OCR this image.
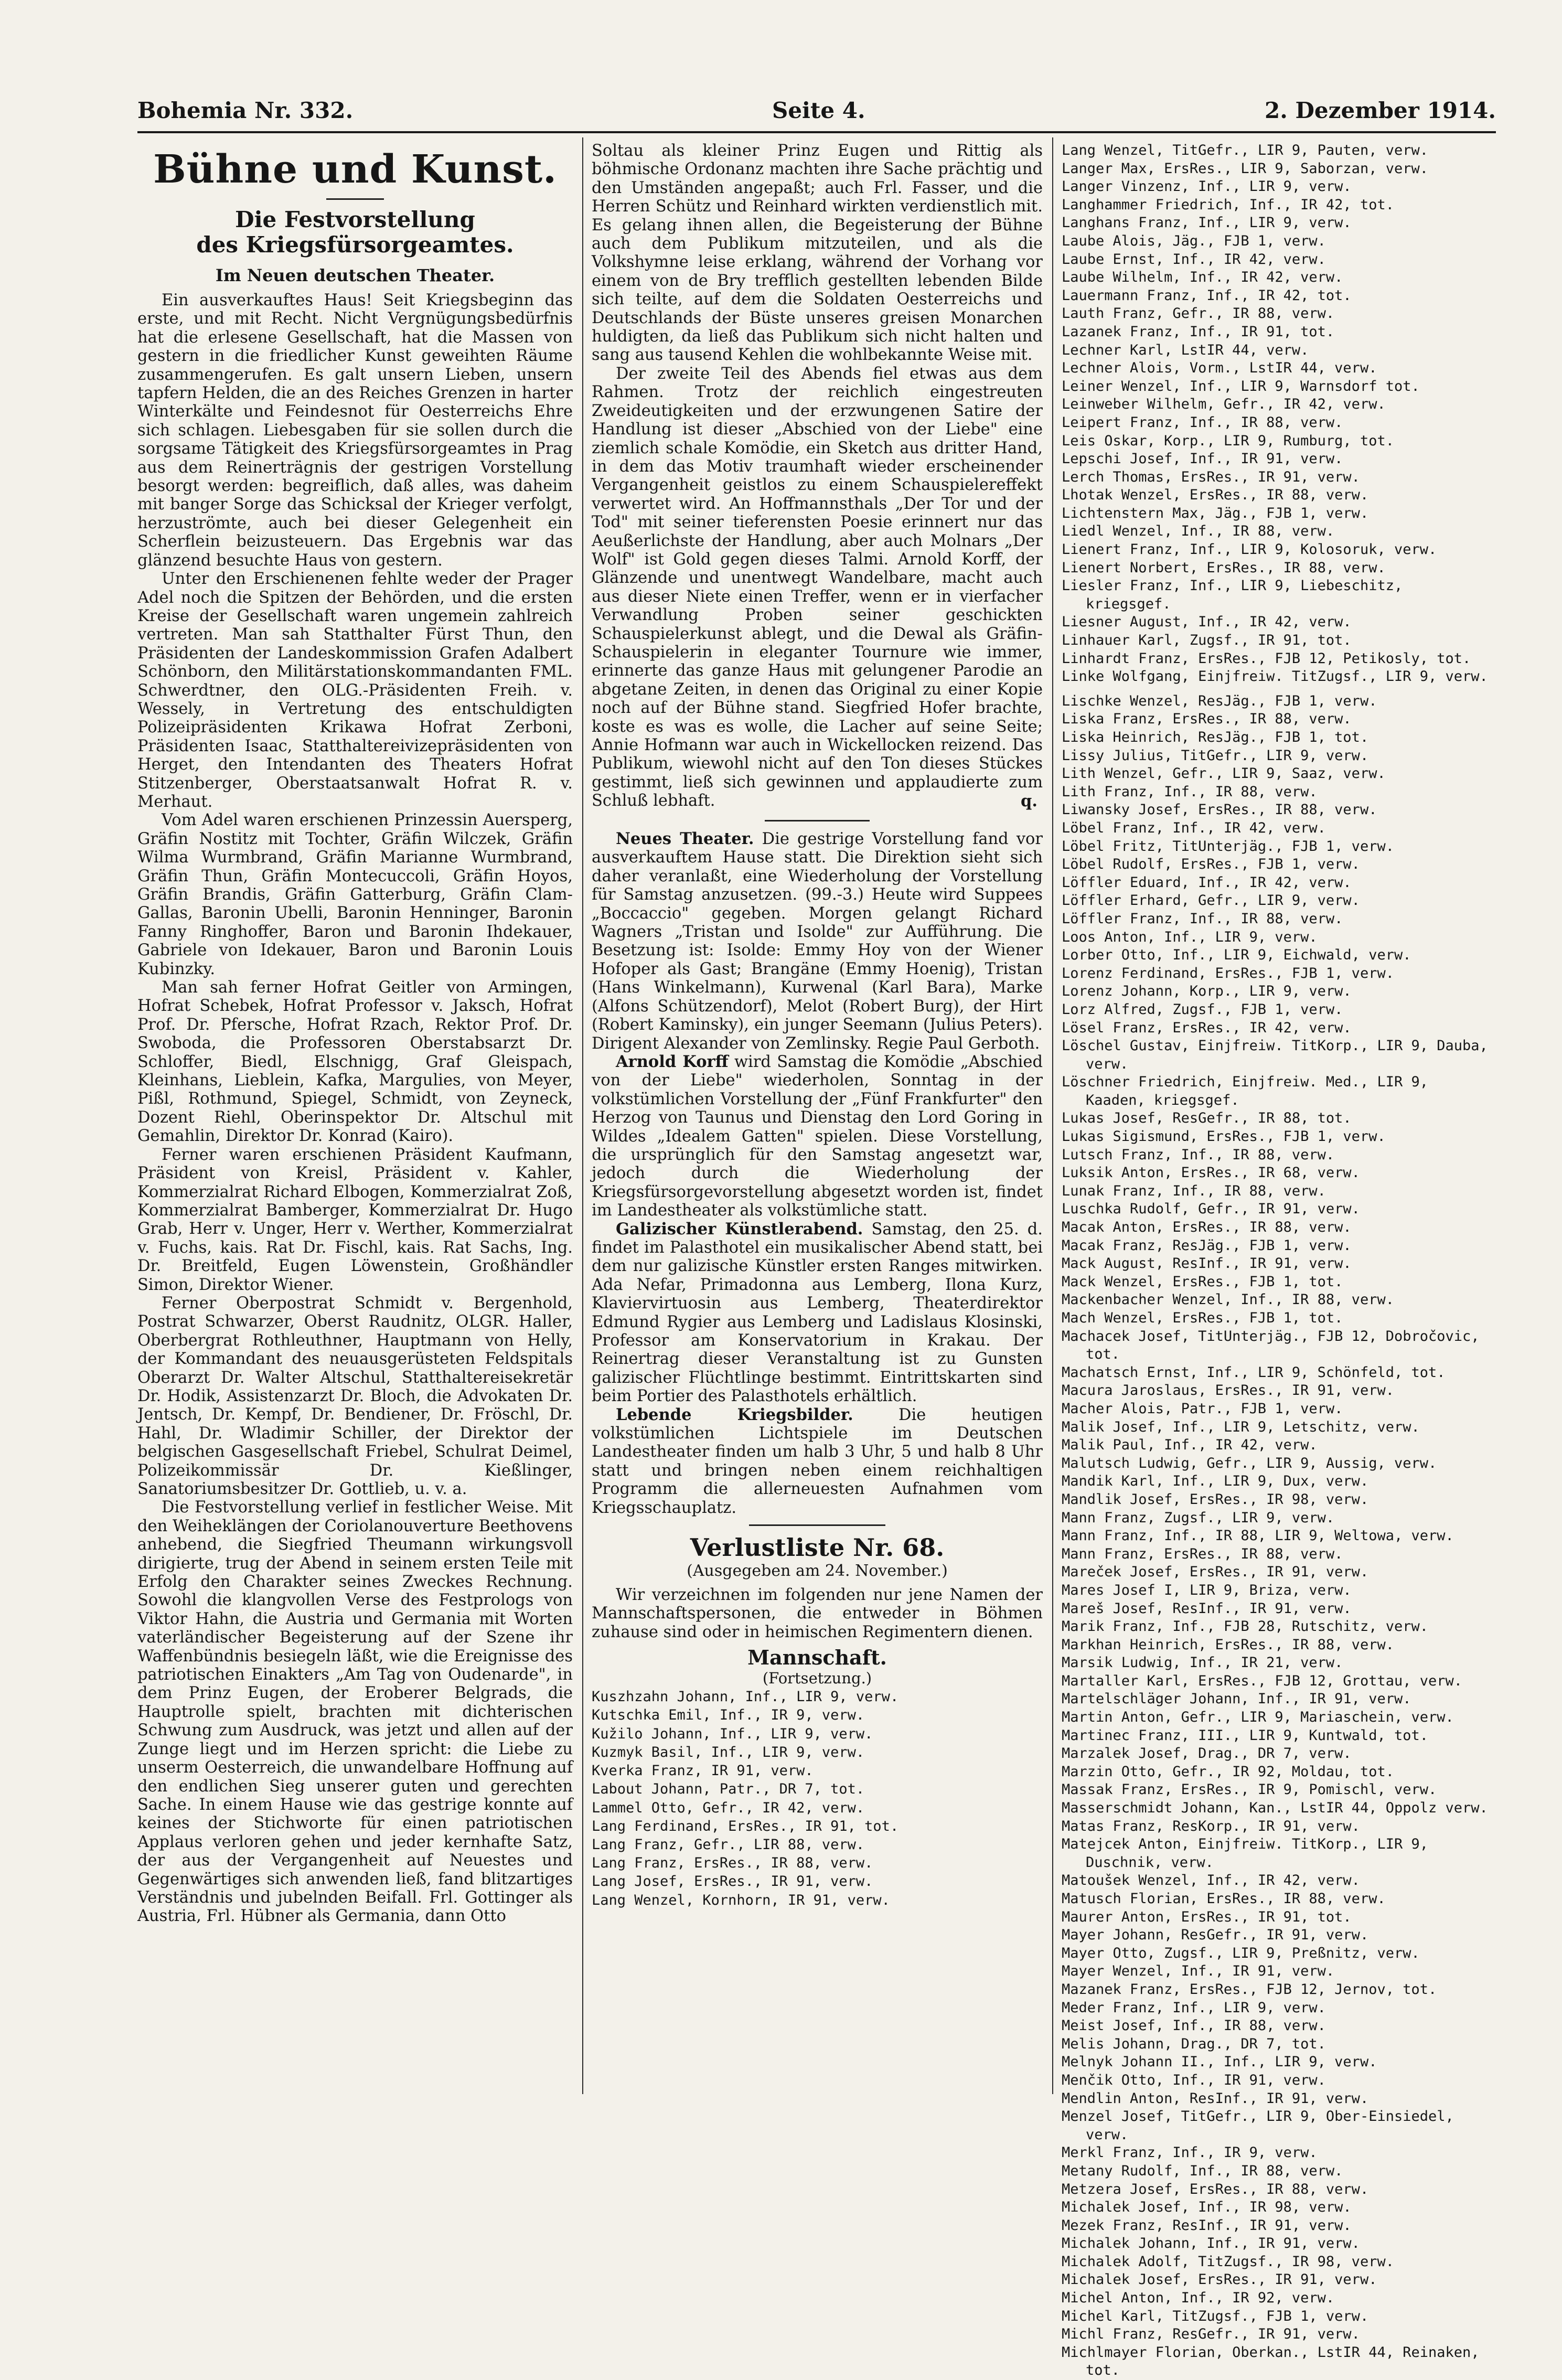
Bohemia Nr. 332.	Seite 4.	2. Dezember 1914.
Bühne und Kunst.
Die Festvorstellung
des Kriegsfürsorgeamtes.
Im Neuen deutschen Theater.

Ein ausverkauftes Haus! Seit Kriegsbeginn das erste, und mit Recht. Nicht Vergnügungsbedürfnis hat die erlesene Gesellschaft, hat die Massen von gestern in die friedlicher Kunst geweihten Räume zusammengerufen. Es galt unsern Lieben, unsern tapfern Helden, die an des Reiches Grenzen in harter Winterkälte und Feindesnot für Oesterreichs Ehre sich schlagen. Liebesgaben für sie sollen durch die sorgsame Tätigkeit des Kriegsfürsorgeamtes in Prag aus dem Reinerträgnis der gestrigen Vorstellung besorgt werden: begreiflich, daß alles, was daheim mit banger Sorge das Schicksal der Krieger verfolgt, herzuströmte, auch bei dieser Gelegenheit ein Scherflein beizusteuern. Das Ergebnis war das glänzend besuchte Haus von gestern.

Unter den Erschienenen fehlte weder der Prager Adel noch die Spitzen der Behörden, und die ersten Kreise der Gesellschaft waren ungemein zahlreich vertreten. Man sah Statthalter Fürst Thun, den Präsidenten der Landeskommission Grafen Adalbert Schönborn, den Militärstationskommandanten FML. Schwerdtner, den OLG.-Präsidenten Freih. v. Wessely, in Vertretung des entschuldigten Polizeipräsidenten Krikawa Hofrat Zerboni, Präsidenten Isaac, Statthaltereivizepräsidenten von Herget, den Intendanten des Theaters Hofrat Stitzenberger, Oberstaatsanwalt Hofrat R. v. Merhaut.

Vom Adel waren erschienen Prinzessin Auersperg, Gräfin Nostitz mit Tochter, Gräfin Wilczek, Gräfin Wilma Wurmbrand, Gräfin Marianne Wurmbrand, Gräfin Thun, Gräfin Montecuccoli, Gräfin Hoyos, Gräfin Brandis, Gräfin Gatterburg, Gräfin Clam-Gallas, Baronin Ubelli, Baronin Henninger, Baronin Fanny Ringhoffer, Baron und Baronin Ihdekauer, Gabriele von Idekauer, Baron und Baronin Louis Kubinzky.

Man sah ferner Hofrat Geitler von Armingen, Hofrat Schebek, Hofrat Professor v. Jaksch, Hofrat Prof. Dr. Pfersche, Hofrat Rzach, Rektor Prof. Dr. Swoboda, die Professoren Oberstabsarzt Dr. Schloffer, Biedl, Elschnigg, Graf Gleispach, Kleinhans, Lieblein, Kafka, Margulies, von Meyer, Pißl, Rothmund, Spiegel, Schmidt, von Zeyneck, Dozent Riehl, Oberinspektor Dr. Altschul mit Gemahlin, Direktor Dr. Konrad (Kairo).

Ferner waren erschienen Präsident Kaufmann, Präsident von Kreisl, Präsident v. Kahler, Kommerzialrat Richard Elbogen, Kommerzialrat Zoß, Kommerzialrat Bamberger, Kommerzialrat Dr. Hugo Grab, Herr v. Unger, Herr v. Werther, Kommerzialrat v. Fuchs, kais. Rat Dr. Fischl, kais. Rat Sachs, Ing. Dr. Breitfeld, Eugen Löwenstein, Großhändler Simon, Direktor Wiener.

Ferner Oberpostrat Schmidt v. Bergenhold, Postrat Schwarzer, Oberst Raudnitz, OLGR. Haller, Oberbergrat Rothleuthner, Hauptmann von Helly, der Kommandant des neuausgerüsteten Feldspitals Oberarzt Dr. Walter Altschul, Statthaltereisekretär Dr. Hodik, Assistenzarzt Dr. Bloch, die Advokaten Dr. Jentsch, Dr. Kempf, Dr. Bendiener, Dr. Fröschl, Dr. Hahl, Dr. Wladimir Schiller, der Direktor der belgischen Gasgesellschaft Friebel, Schulrat Deimel, Polizeikommissär Dr. Kießlinger, Sanatoriumsbesitzer Dr. Gottlieb, u. v. a.

Die Festvorstellung verlief in festlicher Weise. Mit den Weiheklängen der Coriolanouverture Beethovens anhebend, die Siegfried Theumann wirkungsvoll dirigierte, trug der Abend in seinem ersten Teile mit Erfolg den Charakter seines Zweckes Rechnung. Sowohl die klangvollen Verse des Festprologs von Viktor Hahn, die Austria und Germania mit Worten vaterländischer Begeisterung auf der Szene ihr Waffenbündnis besiegeln läßt, wie die Ereignisse des patriotischen Einakters „Am Tag von Oudenarde", in dem Prinz Eugen, der Eroberer Belgrads, die Hauptrolle spielt, brachten mit dichterischen Schwung zum Ausdruck, was jetzt und allen auf der Zunge liegt und im Herzen spricht: die Liebe zu unserm Oesterreich, die unwandelbare Hoffnung auf den endlichen Sieg unserer guten und gerechten Sache. In einem Hause wie das gestrige konnte auf keines der Stichworte für einen patriotischen Applaus verloren gehen und jeder kernhafte Satz, der aus der Vergangenheit auf Neuestes und Gegenwärtiges sich anwenden ließ, fand blitzartiges Verständnis und jubelnden Beifall. Frl. Gottinger als Austria, Frl. Hübner als Germania, dann Otto

Soltau als kleiner Prinz Eugen und Rittig als böhmische Ordonanz machten ihre Sache prächtig und den Umständen angepaßt; auch Frl. Fasser, und die Herren Schütz und Reinhard wirkten verdienstlich mit. Es gelang ihnen allen, die Begeisterung der Bühne auch dem Publikum mitzuteilen, und als die Volkshymne leise erklang, während der Vorhang vor einem von de Bry trefflich gestellten lebenden Bilde sich teilte, auf dem die Soldaten Oesterreichs und Deutschlands der Büste unseres greisen Monarchen huldigten, da ließ das Publikum sich nicht halten und sang aus tausend Kehlen die wohlbekannte Weise mit.

Der zweite Teil des Abends fiel etwas aus dem Rahmen. Trotz der reichlich eingestreuten Zweideutigkeiten und der erzwungenen Satire der Handlung ist dieser „Abschied von der Liebe" eine ziemlich schale Komödie, ein Sketch aus dritter Hand, in dem das Motiv traumhaft wieder erscheinender Vergangenheit geistlos zu einem Schauspielereffekt verwertet wird. An Hoffmannsthals „Der Tor und der Tod" mit seiner tieferensten Poesie erinnert nur das Aeußerlichste der Handlung, aber auch Molnars „Der Wolf" ist Gold gegen dieses Talmi. Arnold Korff, der Glänzende und unentwegt Wandelbare, macht auch aus dieser Niete einen Treffer, wenn er in vierfacher Verwandlung Proben seiner geschickten Schauspielerkunst ablegt, und die Dewal als Gräfin-Schauspielerin in eleganter Tournure wie immer, erinnerte das ganze Haus mit gelungener Parodie an abgetane Zeiten, in denen das Original zu einer Kopie noch auf der Bühne stand. Siegfried Hofer brachte, koste es was es wolle, die Lacher auf seine Seite; Annie Hofmann war auch in Wickellocken reizend. Das Publikum, wiewohl nicht auf den Ton dieses Stückes gestimmt, ließ sich gewinnen und applaudierte zum Schluß lebhaft.	q.

Neues Theater. Die gestrige Vorstellung fand vor ausverkauftem Hause statt. Die Direktion sieht sich daher veranlaßt, eine Wiederholung der Vorstellung für Samstag anzusetzen. (99.-3.) Heute wird Suppees „Boccaccio" gegeben. Morgen gelangt Richard Wagners „Tristan und Isolde" zur Aufführung. Die Besetzung ist: Isolde: Emmy Hoy von der Wiener Hofoper als Gast; Brangäne (Emmy Hoenig), Tristan (Hans Winkelmann), Kurwenal (Karl Bara), Marke (Alfons Schützendorf), Melot (Robert Burg), der Hirt (Robert Kaminsky), ein junger Seemann (Julius Peters). Dirigent Alexander von Zemlinsky. Regie Paul Gerboth.

Arnold Korff wird Samstag die Komödie „Abschied von der Liebe" wiederholen, Sonntag in der volkstümlichen Vorstellung der „Fünf Frankfurter" den Herzog von Taunus und Dienstag den Lord Goring in Wildes „Idealem Gatten" spielen. Diese Vorstellung, die ursprünglich für den Samstag angesetzt war, jedoch durch die Wiederholung der Kriegsfürsorgevorstellung abgesetzt worden ist, findet im Landestheater als volkstümliche statt.

Galizischer Künstlerabend. Samstag, den 25. d. findet im Palasthotel ein musikalischer Abend statt, bei dem nur galizische Künstler ersten Ranges mitwirken. Ada Nefar, Primadonna aus Lemberg, Ilona Kurz, Klaviervirtuosin aus Lemberg, Theaterdirektor Edmund Rygier aus Lemberg und Ladislaus Klosinski, Professor am Konservatorium in Krakau. Der Reinertrag dieser Veranstaltung ist zu Gunsten galizischer Flüchtlinge bestimmt. Eintrittskarten sind beim Portier des Palasthotels erhältlich.

Lebende Kriegsbilder. Die heutigen volkstümlichen Lichtspiele im Deutschen Landestheater finden um halb 3 Uhr, 5 und halb 8 Uhr statt und bringen neben einem reichhaltigen Programm die allerneuesten Aufnahmen vom Kriegsschauplatz.

Verlustliste Nr. 68.
(Ausgegeben am 24. November.)

Wir verzeichnen im folgenden nur jene Namen der Mannschaftspersonen, die entweder in Böhmen zuhause sind oder in heimischen Regimentern dienen.

Mannschaft.
(Fortsetzung.)
Kuszhzahn Johann, Inf., LIR 9, verw.
Kutschka Emil, Inf., IR 9, verw.
Kužilo Johann, Inf., LIR 9, verw.
Kuzmyk Basil, Inf., LIR 9, verw.
Kverka Franz, IR 91, verw.
Labout Johann, Patr., DR 7, tot.
Lammel Otto, Gefr., IR 42, verw.
Lang Ferdinand, ErsRes., IR 91, tot.
Lang Franz, Gefr., LIR 88, verw.
Lang Franz, ErsRes., IR 88, verw.
Lang Josef, ErsRes., IR 91, verw.
Lang Wenzel, Kornhorn, IR 91, verw.
Lang Wenzel, TitGefr., LIR 9, Pauten, verw.
Langer Max, ErsRes., LIR 9, Saborzan, verw.
Langer Vinzenz, Inf., LIR 9, verw.
Langhammer Friedrich, Inf., IR 42, tot.
Langhans Franz, Inf., LIR 9, verw.
Laube Alois, Jäg., FJB 1, verw.
Laube Ernst, Inf., IR 42, verw.
Laube Wilhelm, Inf., IR 42, verw.
Lauermann Franz, Inf., IR 42, tot.
Lauth Franz, Gefr., IR 88, verw.
Lazanek Franz, Inf., IR 91, tot.
Lechner Karl, LstIR 44, verw.
Lechner Alois, Vorm., LstIR 44, verw.
Leiner Wenzel, Inf., LIR 9, Warnsdorf tot.
Leinweber Wilhelm, Gefr., IR 42, verw.
Leipert Franz, Inf., IR 88, verw.
Leis Oskar, Korp., LIR 9, Rumburg, tot.
Lepschi Josef, Inf., IR 91, verw.
Lerch Thomas, ErsRes., IR 91, verw.
Lhotak Wenzel, ErsRes., IR 88, verw.
Lichtenstern Max, Jäg., FJB 1, verw.
Liedl Wenzel, Inf., IR 88, verw.
Lienert Franz, Inf., LIR 9, Kolosoruk, verw.
Lienert Norbert, ErsRes., IR 88, verw.
Liesler Franz, Inf., LIR 9, Liebeschitz, kriegsgef.
Liesner August, Inf., IR 42, verw.
Linhauer Karl, Zugsf., IR 91, tot.
Linhardt Franz, ErsRes., FJB 12, Petikosly, tot.
Linke Wolfgang, Einjfreiw. TitZugsf., LIR 9, verw.
Lischke Wenzel, ResJäg., FJB 1, verw.
Liska Franz, ErsRes., IR 88, verw.
Liska Heinrich, ResJäg., FJB 1, tot.
Lissy Julius, TitGefr., LIR 9, verw.
Lith Wenzel, Gefr., LIR 9, Saaz, verw.
Lith Franz, Inf., IR 88, verw.
Liwansky Josef, ErsRes., IR 88, verw.
Löbel Franz, Inf., IR 42, verw.
Löbel Fritz, TitUnterjäg., FJB 1, verw.
Löbel Rudolf, ErsRes., FJB 1, verw.
Löffler Eduard, Inf., IR 42, verw.
Löffler Erhard, Gefr., LIR 9, verw.
Löffler Franz, Inf., IR 88, verw.
Loos Anton, Inf., LIR 9, verw.
Lorber Otto, Inf., LIR 9, Eichwald, verw.
Lorenz Ferdinand, ErsRes., FJB 1, verw.
Lorenz Johann, Korp., LIR 9, verw.
Lorz Alfred, Zugsf., FJB 1, verw.
Lösel Franz, ErsRes., IR 42, verw.
Löschel Gustav, Einjfreiw. TitKorp., LIR 9, Dauba, verw.
Löschner Friedrich, Einjfreiw. Med., LIR 9, Kaaden, kriegsgef.
Lukas Josef, ResGefr., IR 88, tot.
Lukas Sigismund, ErsRes., FJB 1, verw.
Lutsch Franz, Inf., IR 88, verw.
Luksik Anton, ErsRes., IR 68, verw.
Lunak Franz, Inf., IR 88, verw.
Luschka Rudolf, Gefr., IR 91, verw.
Macak Anton, ErsRes., IR 88, verw.
Macak Franz, ResJäg., FJB 1, verw.
Mack August, ResInf., IR 91, verw.
Mack Wenzel, ErsRes., FJB 1, tot.
Mackenbacher Wenzel, Inf., IR 88, verw.
Mach Wenzel, ErsRes., FJB 1, tot.
Machacek Josef, TitUnterjäg., FJB 12, Dobročovic, tot.
Machatsch Ernst, Inf., LIR 9, Schönfeld, tot.
Macura Jaroslaus, ErsRes., IR 91, verw.
Macher Alois, Patr., FJB 1, verw.
Malik Josef, Inf., LIR 9, Letschitz, verw.
Malik Paul, Inf., IR 42, verw.
Malutsch Ludwig, Gefr., LIR 9, Aussig, verw.
Mandik Karl, Inf., LIR 9, Dux, verw.
Mandlik Josef, ErsRes., IR 98, verw.
Mann Franz, Zugsf., LIR 9, verw.
Mann Franz, Inf., IR 88, LIR 9, Weltowa, verw.
Mann Franz, ErsRes., IR 88, verw.
Mareček Josef, ErsRes., IR 91, verw.
Mares Josef I, LIR 9, Briza, verw.
Mareš Josef, ResInf., IR 91, verw.
Marik Franz, Inf., FJB 28, Rutschitz, verw.
Markhan Heinrich, ErsRes., IR 88, verw.
Marsik Ludwig, Inf., IR 21, verw.
Martaller Karl, ErsRes., FJB 12, Grottau, verw.
Martelschläger Johann, Inf., IR 91, verw.
Martin Anton, Gefr., LIR 9, Mariaschein, verw.
Martinec Franz, III., LIR 9, Kuntwald, tot.
Marzalek Josef, Drag., DR 7, verw.
Marzin Otto, Gefr., IR 92, Moldau, tot.
Massak Franz, ErsRes., IR 9, Pomischl, verw.
Masserschmidt Johann, Kan., LstIR 44, Oppolz verw.
Matas Franz, ResKorp., IR 91, verw.
Matejcek Anton, Einjfreiw. TitKorp., LIR 9, Duschnik, verw.
Matoušek Wenzel, Inf., IR 42, verw.
Matusch Florian, ErsRes., IR 88, verw.
Maurer Anton, ErsRes., IR 91, tot.
Mayer Johann, ResGefr., IR 91, verw.
Mayer Otto, Zugsf., LIR 9, Preßnitz, verw.
Mayer Wenzel, Inf., IR 91, verw.
Mazanek Franz, ErsRes., FJB 12, Jernov, tot.
Meder Franz, Inf., LIR 9, verw.
Meist Josef, Inf., IR 88, verw.
Melis Johann, Drag., DR 7, tot.
Melnyk Johann II., Inf., LIR 9, verw.
Menčik Otto, Inf., IR 91, verw.
Mendlin Anton, ResInf., IR 91, verw.
Menzel Josef, TitGefr., LIR 9, Ober-Einsiedel, verw.
Merkl Franz, Inf., IR 9, verw.
Metany Rudolf, Inf., IR 88, verw.
Metzera Josef, ErsRes., IR 88, verw.
Michalek Josef, Inf., IR 98, verw.
Mezek Franz, ResInf., IR 91, verw.
Michalek Johann, Inf., IR 91, verw.
Michalek Adolf, TitZugsf., IR 98, verw.
Michalek Josef, ErsRes., IR 91, verw.
Michel Anton, Inf., IR 92, verw.
Michel Karl, TitZugsf., FJB 1, verw.
Michl Franz, ResGefr., IR 91, verw.
Michlmayer Florian, Oberkan., LstIR 44, Reinaken, tot.
